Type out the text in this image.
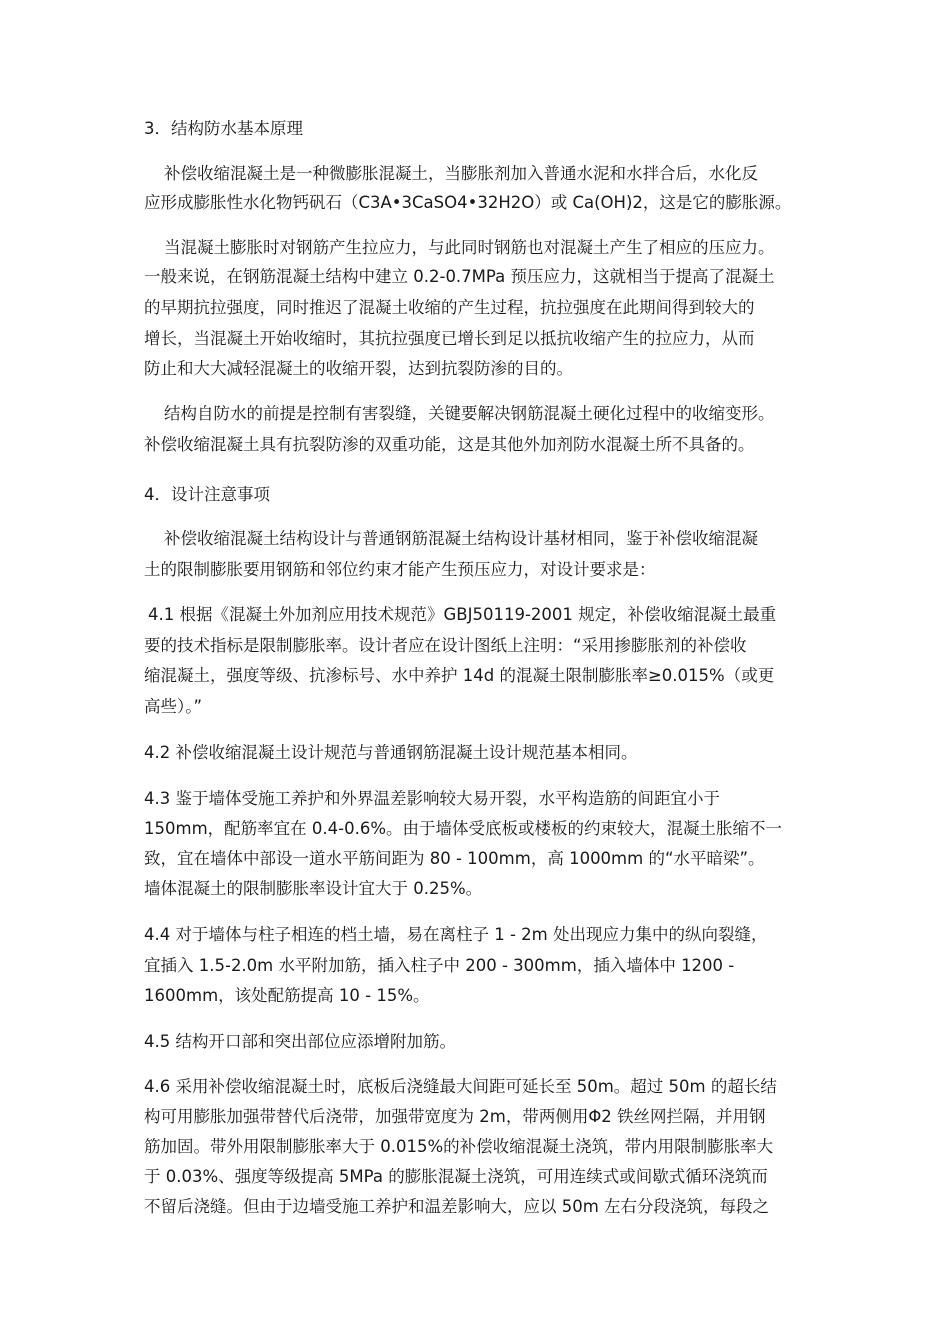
3．结构防水基本原理
补偿收缩混凝土是一种微膨胀混凝土，当膨胀剂加入普通水泥和水拌合后，水化反
应形成膨胀性水化物钙矾石（C3A•3CaSO4•32H2O）或 Ca(OH)2，这是它的膨胀源。
当混凝土膨胀时对钢筋产生拉应力，与此同时钢筋也对混凝土产生了相应的压应力。
一般来说，在钢筋混凝土结构中建立 0.2-0.7MPa 预压应力，这就相当于提高了混凝土
的早期抗拉强度，同时推迟了混凝土收缩的产生过程，抗拉强度在此期间得到较大的
增长，当混凝土开始收缩时，其抗拉强度已增长到足以抵抗收缩产生的拉应力，从而
防止和大大减轻混凝土的收缩开裂，达到抗裂防渗的目的。
结构自防水的前提是控制有害裂缝，关键要解决钢筋混凝土硬化过程中的收缩变形。
补偿收缩混凝土具有抗裂防渗的双重功能，这是其他外加剂防水混凝土所不具备的。
4．设计注意事项
补偿收缩混凝土结构设计与普通钢筋混凝土结构设计基材相同，鉴于补偿收缩混凝
土的限制膨胀要用钢筋和邻位约束才能产生预压应力，对设计要求是：
4.1 根据《混凝土外加剂应用技术规范》GBJ50119-2001 规定，补偿收缩混凝土最重
要的技术指标是限制膨胀率。设计者应在设计图纸上注明：“采用掺膨胀剂的补偿收
缩混凝土，强度等级、抗渗标号、水中养护 14d 的混凝土限制膨胀率≥0.015%（或更
高些）。”
4.2 补偿收缩混凝土设计规范与普通钢筋混凝土设计规范基本相同。
4.3 鉴于墙体受施工养护和外界温差影响较大易开裂，水平构造筋的间距宜小于
150mm，配筋率宜在 0.4-0.6%。由于墙体受底板或楼板的约束较大，混凝土胀缩不一
致，宜在墙体中部设一道水平筋间距为 80 - 100mm，高 1000mm 的“水平暗梁”。
墙体混凝土的限制膨胀率设计宜大于 0.25%。
4.4 对于墙体与柱子相连的档土墙，易在离柱子 1 - 2m 处出现应力集中的纵向裂缝，
宜插入 1.5-2.0m 水平附加筋，插入柱子中 200 - 300mm，插入墙体中 1200 -
1600mm，该处配筋提高 10 - 15%。
4.5 结构开口部和突出部位应添增附加筋。
4.6 采用补偿收缩混凝土时，底板后浇缝最大间距可延长至 50m。超过 50m 的超长结
构可用膨胀加强带替代后浇带，加强带宽度为 2m，带两侧用Φ2 铁丝网拦隔，并用钢
筋加固。带外用限制膨胀率大于 0.015%的补偿收缩混凝土浇筑，带内用限制膨胀率大
于 0.03%、强度等级提高 5MPa 的膨胀混凝土浇筑，可用连续式或间歇式循环浇筑而
不留后浇缝。但由于边墙受施工养护和温差影响大，应以 50m 左右分段浇筑，每段之
